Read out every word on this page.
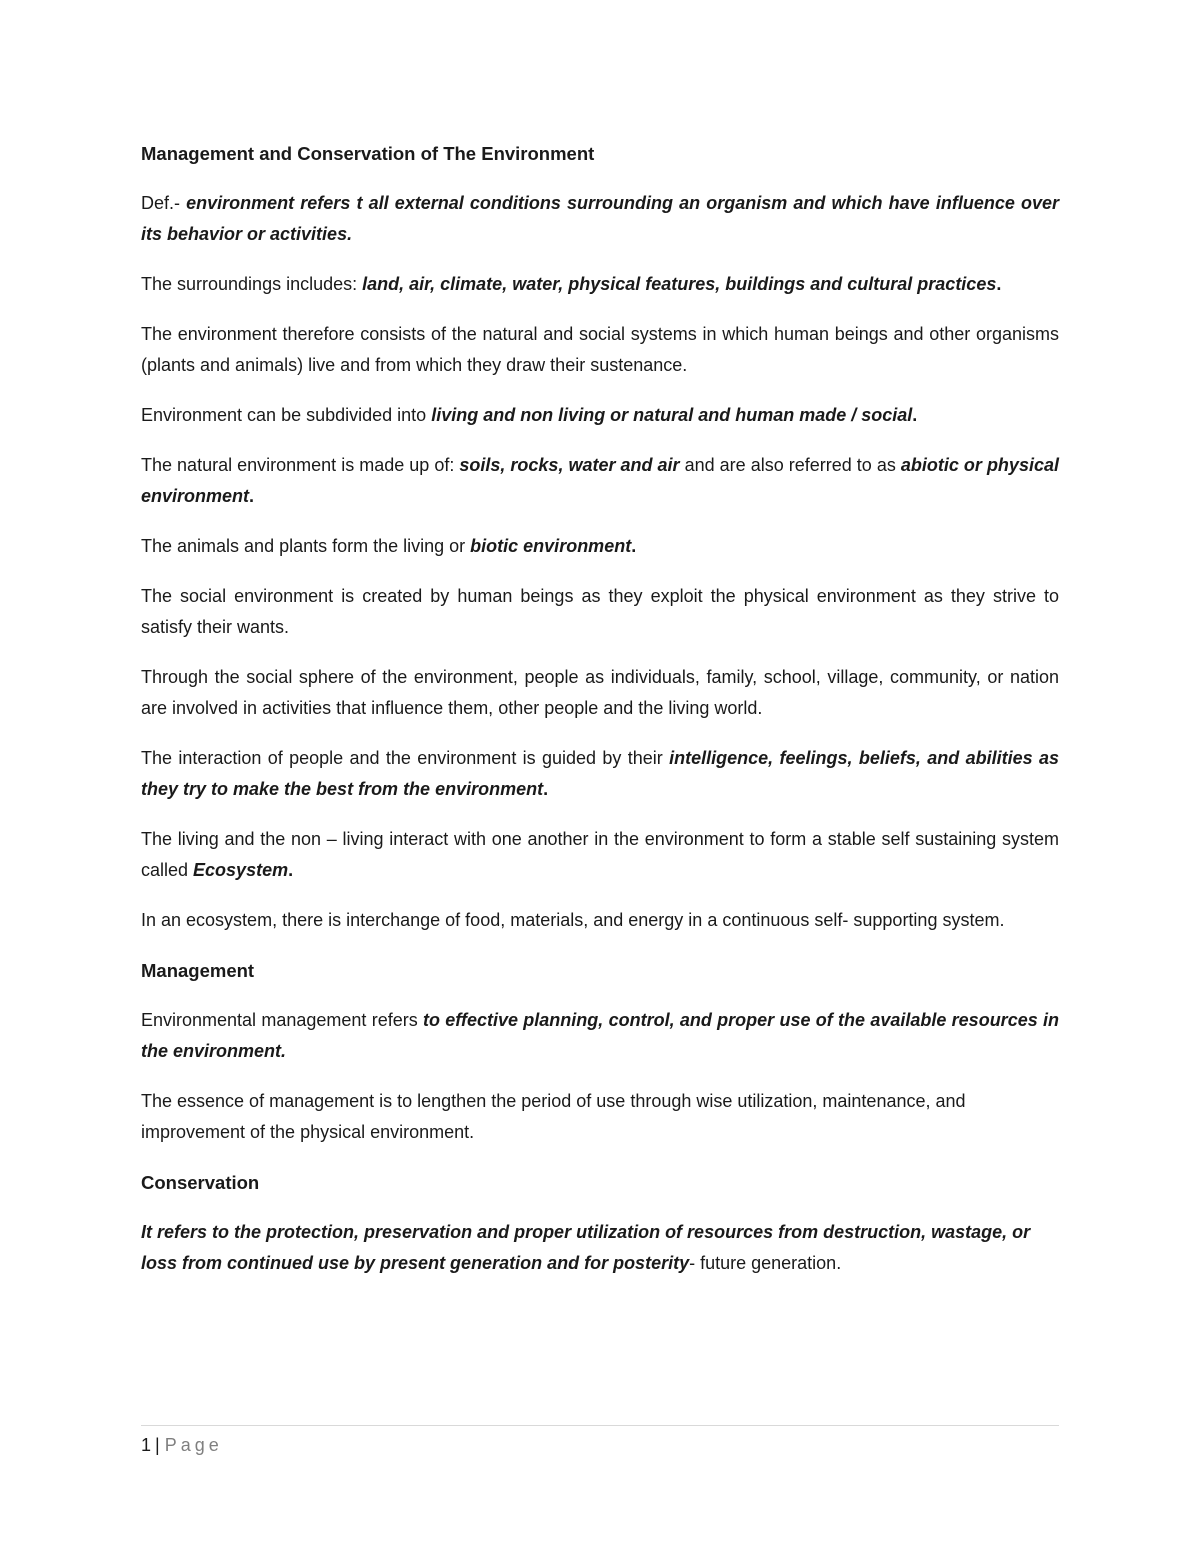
Management and Conservation of The Environment

Def.- environment refers t all external conditions surrounding an organism and which have influence over its behavior or activities.

The surroundings includes: land, air, climate, water, physical features, buildings and cultural practices.

The environment therefore consists of the natural and social systems in which human beings and other organisms (plants and animals) live and from which they draw their sustenance.

Environment can be subdivided into living and non living or natural and human made / social.

The natural environment is made up of: soils, rocks, water and air and are also referred to as abiotic or physical environment.

The animals and plants form the living or biotic environment.

The social environment is created by human beings as they exploit the physical environment as they strive to satisfy their wants.

Through the social sphere of the environment, people as individuals, family, school, village, community, or nation are involved in activities that influence them, other people and the living world.

The interaction of people and the environment is guided by their intelligence, feelings, beliefs, and abilities as they try to make the best from the environment.

The living and the non – living interact with one another in the environment to form a stable self sustaining system called Ecosystem.

In an ecosystem, there is interchange of food, materials, and energy in a continuous self- supporting system.

Management

Environmental management refers to effective planning, control, and proper use of the available resources in the environment.

The essence of management is to lengthen the period of use through wise utilization, maintenance, and improvement of the physical environment.

Conservation

It refers to the protection, preservation and proper utilization of resources from destruction, wastage, or loss from continued use by present generation and for posterity- future generation.

1 | Page
